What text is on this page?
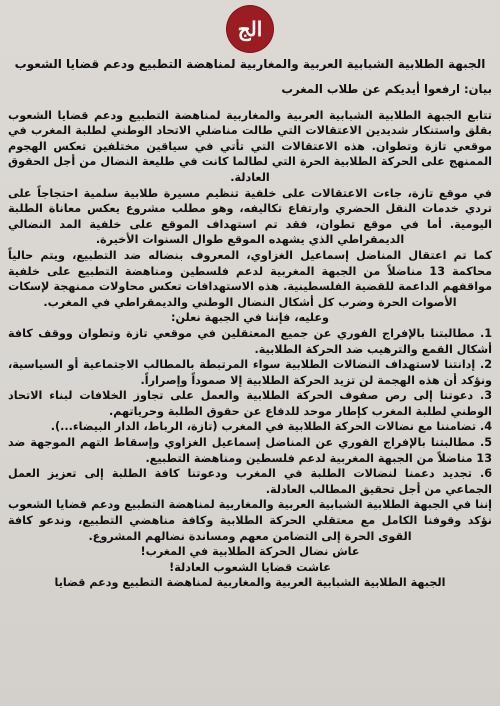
الج

الجبهة الطلابية الشبابية العربية والمغاربية لمناهضة التطبيع ودعم قضايا الشعوب

بيان: ارفعوا أيديكم عن طلاب المغرب

تتابع الجبهة الطلابية الشبابية العربية والمغاربية لمناهضة التطبيع ودعم قضايا الشعوب بقلق واستنكار شديدين الاعتقالات التي طالت مناضلي الاتحاد الوطني لطلبة المغرب في موقعي تازة وتطوان. هذه الاعتقالات التي تأتي في سياقين مختلفين تعكس الهجوم الممنهج على الحركة الطلابية الحرة التي لطالما كانت في طليعة النضال من أجل الحقوق العادلة.

في موقع تازة، جاءت الاعتقالات على خلفية تنظيم مسيرة طلابية سلمية احتجاجاً على تردي خدمات النقل الحضري وارتفاع تكاليفه، وهو مطلب مشروع يعكس معاناة الطلبة اليومية. أما في موقع تطوان، فقد تم استهداف الموقع على خلفية المد النضالي الديمقراطي الذي يشهده الموقع طوال السنوات الأخيرة.

كما تم اعتقال المناضل إسماعيل الغزاوي، المعروف بنضاله ضد التطبيع، ويتم حالياً محاكمة 13 مناضلاً من الجبهة المغربية لدعم فلسطين ومناهضة التطبيع على خلفية مواقفهم الداعمة للقضية الفلسطينية. هذه الاستهدافات تعكس محاولات ممنهجة لإسكات الأصوات الحرة وضرب كل أشكال النضال الوطني والديمقراطي في المغرب.

وعليه، فإننا في الجبهة نعلن:

1. مطالبتنا بالإفراج الفوري عن جميع المعتقلين في موقعي تازة وتطوان ووقف كافة أشكال القمع والترهيب ضد الحركة الطلابية.

2. إدانتنا لاستهداف النضالات الطلابية سواء المرتبطة بالمطالب الاجتماعية أو السياسية، ونؤكد أن هذه الهجمة لن تزيد الحركة الطلابية إلا صموداً وإصراراً.

3. دعوتنا إلى رص صفوف الحركة الطلابية والعمل على تجاوز الخلافات لبناء الاتحاد الوطني لطلبة المغرب كإطار موحد للدفاع عن حقوق الطلبة وحرياتهم.

4. تضامننا مع نضالات الحركة الطلابية في المغرب (تازة، الرباط، الدار البيضاء...).

5. مطالبتنا بالإفراج الفوري عن المناضل إسماعيل الغزاوي وإسقاط التهم الموجهة ضد 13 مناضلاً من الجبهة المغربية لدعم فلسطين ومناهضة التطبيع.

6. تجديد دعمنا لنضالات الطلبة في المغرب ودعوتنا كافة الطلبة إلى تعزيز العمل الجماعي من أجل تحقيق المطالب العادلة.

إننا في الجبهة الطلابية الشبابية العربية والمغاربية لمناهضة التطبيع ودعم قضايا الشعوب نؤكد وقوفنا الكامل مع معتقلي الحركة الطلابية وكافة مناهضي التطبيع، وندعو كافة القوى الحرة إلى التضامن معهم ومساندة نضالهم المشروع.

عاش نضال الحركة الطلابية في المغرب!

عاشت قضايا الشعوب العادلة!

الجبهة الطلابية الشبابية العربية والمغاربية لمناهضة التطبيع ودعم قضايا
